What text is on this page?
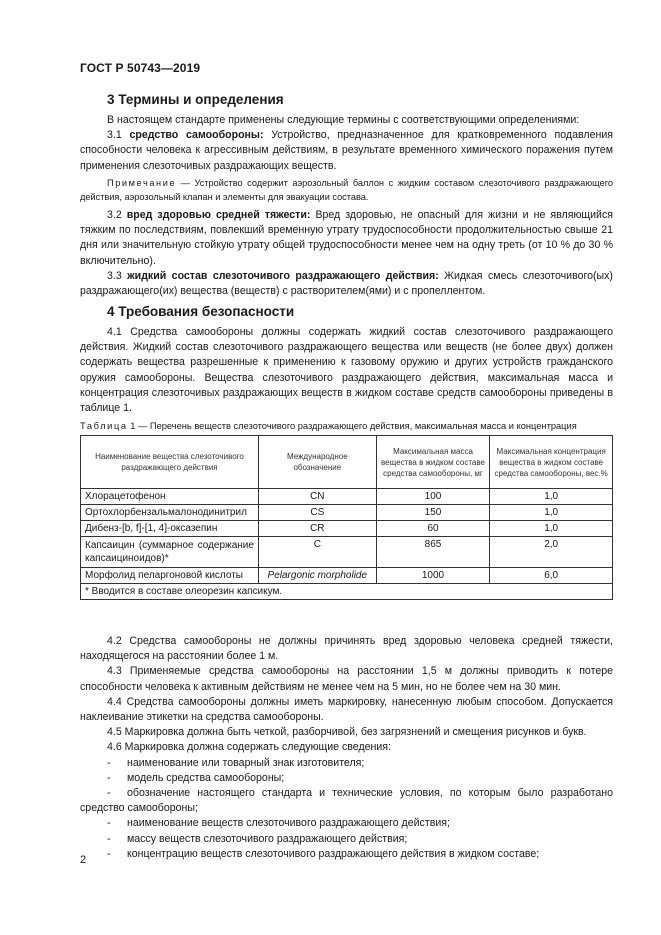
ГОСТ Р 50743—2019
3 Термины и определения

В настоящем стандарте применены следующие термины с соответствующими определениями:

3.1 средство самообороны: Устройство, предназначенное для кратковременного подавления способности человека к агрессивным действиям, в результате временного химического поражения путем применения слезоточивых раздражающих веществ.

Примечание — Устройство содержит аэрозольный баллон с жидким составом слезоточивого раздражающего действия, аэрозольный клапан и элементы для эвакуации состава.

3.2 вред здоровью средней тяжести: Вред здоровью, не опасный для жизни и не являющийся тяжким по последствиям, повлекший временную утрату трудоспособности продолжительностью свыше 21 дня или значительную стойкую утрату общей трудоспособности менее чем на одну треть (от 10 % до 30 % включительно).

3.3 жидкий состав слезоточивого раздражающего действия: Жидкая смесь слезоточивого(ых) раздражающего(их) вещества (веществ) с растворителем(ями) и с пропеллентом.

4 Требования безопасности

4.1 Средства самообороны должны содержать жидкий состав слезоточивого раздражающего действия. Жидкий состав слезоточивого раздражающего вещества или веществ (не более двух) должен содержать вещества разрешенные к применению к газовому оружию и других устройств гражданского оружия самообороны. Вещества слезоточивого раздражающего действия, максимальная масса и концентрация слезоточивых раздражающих веществ в жидком составе средств самообороны приведены в таблице 1.

Таблица 1 — Перечень веществ слезоточивого раздражающего действия, максимальная масса и концентрация
Наименование вещества слезоточивого раздражающего действия	Международное обозначение	Максимальная масса вещества в жидком составе средства самообороны, мг	Максимальная концентрация вещества в жидком составе средства самообороны, вес.%
Хлорацетофенон	CN	100	1,0
Ортохлорбензальмалонодинитрил	CS	150	1,0
Дибенз-[b, f]-[1, 4]-оксазепин	CR	60	1,0
Капсаицин (суммарное содержание капсаициноидов)*	C	865	2,0
Морфолид пеларгоновой кислоты	Pelargonic morpholide	1000	6,0
* Вводится в составе олеорезин капсикум.			

4.2 Средства самообороны не должны причинять вред здоровью человека средней тяжести, находящегося на расстоянии более 1 м.

4.3 Применяемые средства самообороны на расстоянии 1,5 м должны приводить к потере способности человека к активным действиям не менее чем на 5 мин, но не более чем на 30 мин.

4.4 Средства самообороны должны иметь маркировку, нанесенную любым способом. Допускается наклеивание этикетки на средства самообороны.

4.5 Маркировка должна быть четкой, разборчивой, без загрязнений и смещения рисунков и букв.

4.6 Маркировка должна содержать следующие сведения:

- наименование или товарный знак изготовителя;

- модель средства самообороны;

- обозначение настоящего стандарта и технические условия, по которым было разработано средство самообороны;

- наименование веществ слезоточивого раздражающего действия;

- массу веществ слезоточивого раздражающего действия;

- концентрацию веществ слезоточивого раздражающего действия в жидком составе;

2
